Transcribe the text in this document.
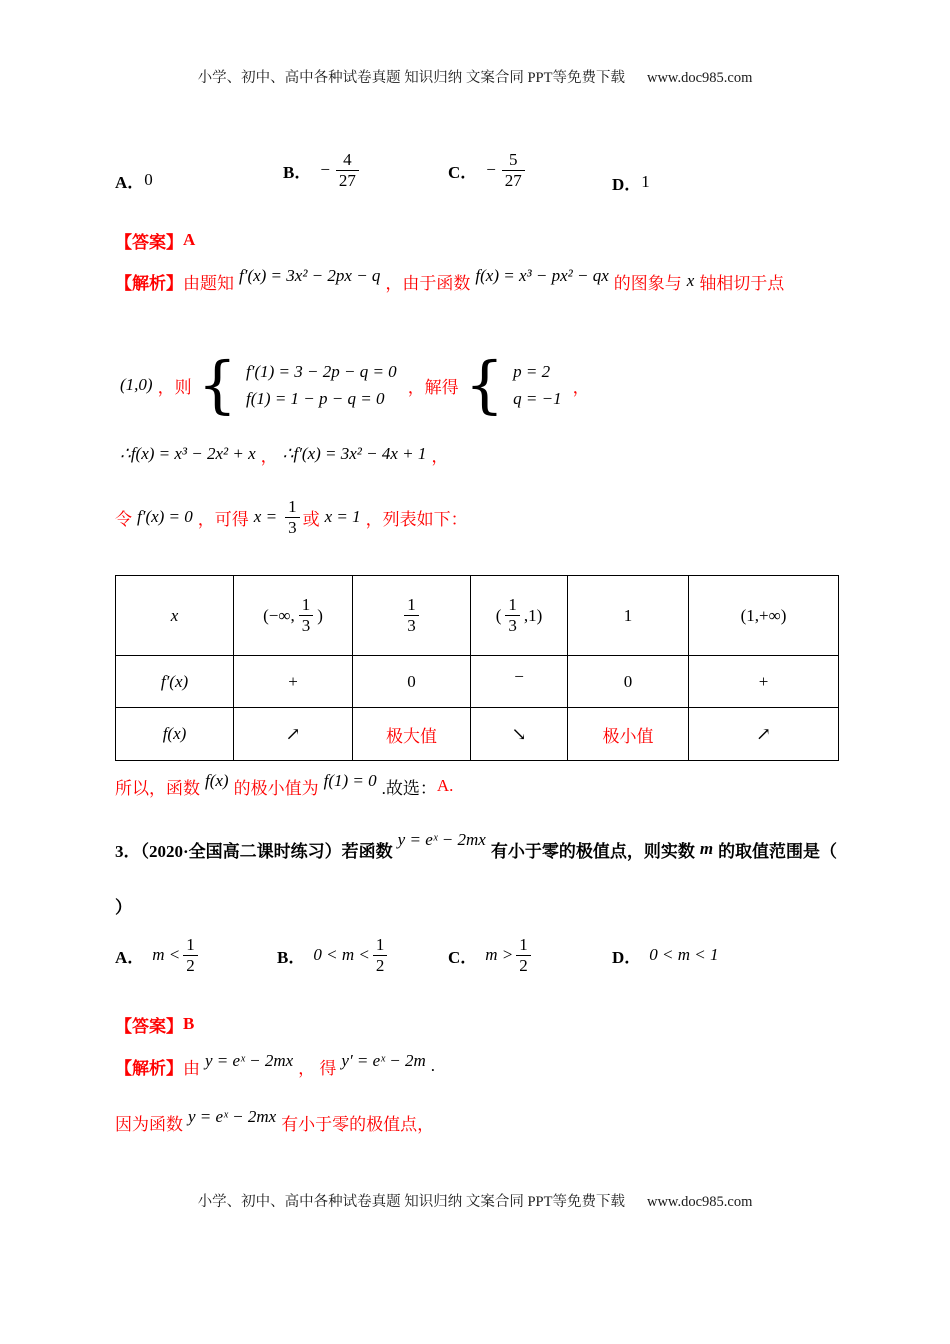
小学、初中、高中各种试卷真题 知识归纳 文案合同 PPT等免费下载 www.doc985.com
A． 0	B． − $\frac{4}{27}$	C． − $\frac{5}{27}$	D． 1
【答案】 A
【解析】 由题知 f′(x) = 3x² − 2px − q ，由于函数 f(x) = x³ − px² − qx 的图象与 x 轴相切于点
(1,0) ，则 { f′(1) = 3 − 2p − q = 0
f(1) = 1 − p − q = 0
，解得 { p = 2
q = −1
，
∴f(x) = x³ − 2x² + x ， ∴f′(x) = 3x² − 4x + 1 ，
令 f′(x) = 0 ，可得 $x = \frac{1}{3}$ 或 x = 1 ，列表如下：
x	(−∞, $\frac{1}{3}$ )	$\frac{1}{3}$	( $\frac{1}{3} ,1$)	1	(1,+∞)
f′(x)	+	0	−	0	+
f(x)	↗	极大值	↘	极小值	↗
所以，函数 f(x) 的极小值为 f(1) = 0 .故选： A.
3．（2020·全国高二课时练习）若函数
y = eˣ − 2mx
有小于零的极值点，则实数 m 的取值范围是（
）
A． $m < \frac{1}{2}$	B． $0 < m < \frac{1}{2}$	C． $m > \frac{1}{2}$	D． 0 < m < 1
【答案】 B
【解析】 由 y = eˣ − 2mx ， 得 y′ = eˣ − 2m .
因为函数 y = eˣ − 2mx 有小于零的极值点，
小学、初中、高中各种试卷真题 知识归纳 文案合同 PPT等免费下载 www.doc985.com
